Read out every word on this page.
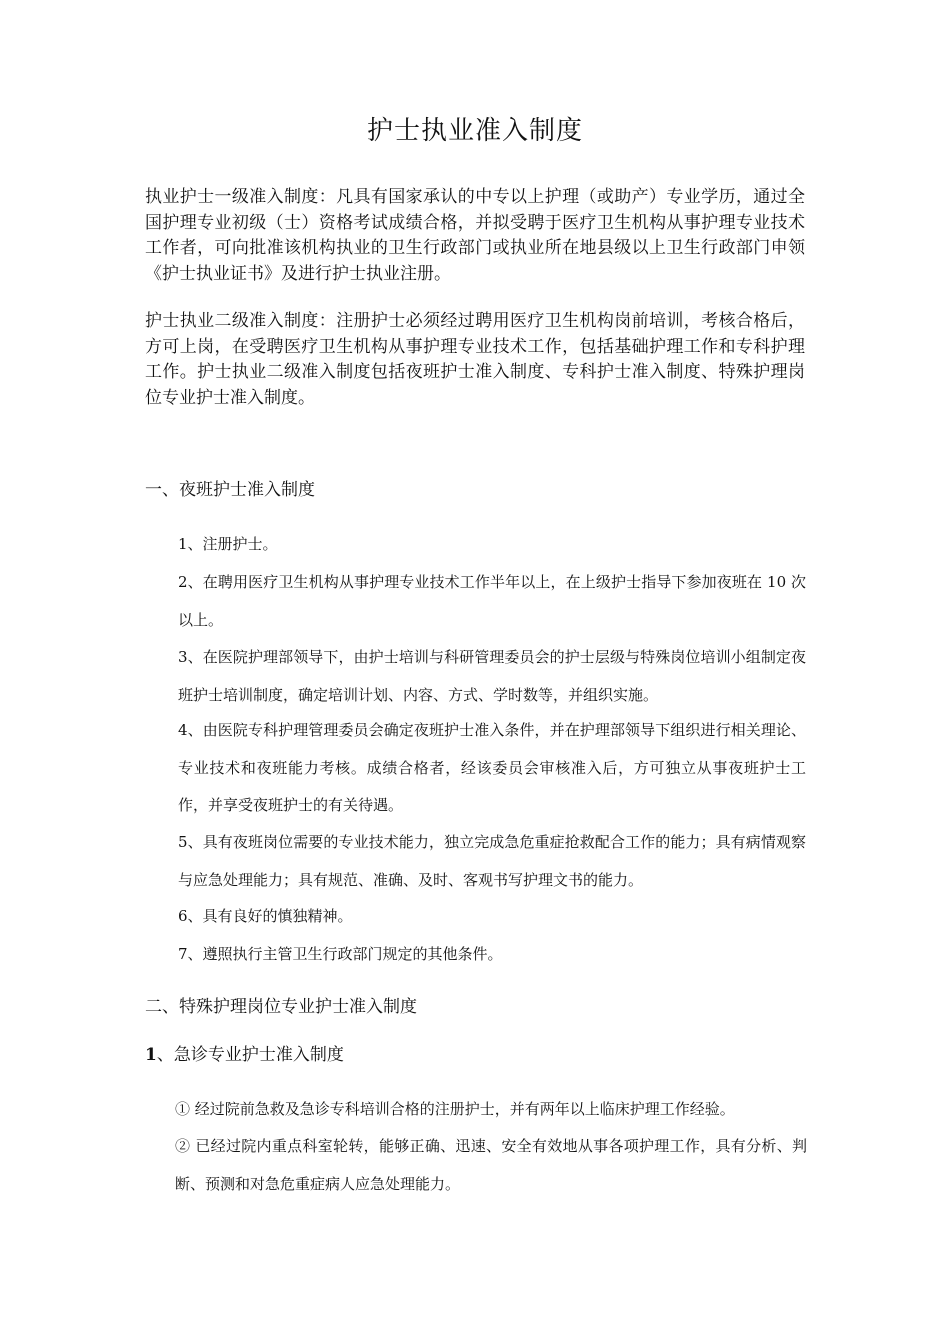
护士执业准入制度

执业护士一级准入制度：凡具有国家承认的中专以上护理（或助产）专业学历，通过全国护理专业初级（士）资格考试成绩合格，并拟受聘于医疗卫生机构从事护理专业技术工作者，可向批准该机构执业的卫生行政部门或执业所在地县级以上卫生行政部门申领《护士执业证书》及进行护士执业注册。

护士执业二级准入制度：注册护士必须经过聘用医疗卫生机构岗前培训，考核合格后，方可上岗，在受聘医疗卫生机构从事护理专业技术工作，包括基础护理工作和专科护理工作。护士执业二级准入制度包括夜班护士准入制度、专科护士准入制度、特殊护理岗位专业护士准入制度。

一、夜班护士准入制度

1、注册护士。

2、在聘用医疗卫生机构从事护理专业技术工作半年以上，在上级护士指导下参加夜班在 10 次以上。

3、在医院护理部领导下，由护士培训与科研管理委员会的护士层级与特殊岗位培训小组制定夜班护士培训制度，确定培训计划、内容、方式、学时数等，并组织实施。

4、由医院专科护理管理委员会确定夜班护士准入条件，并在护理部领导下组织进行相关理论、专业技术和夜班能力考核。成绩合格者，经该委员会审核准入后，方可独立从事夜班护士工作，并享受夜班护士的有关待遇。

5、具有夜班岗位需要的专业技术能力，独立完成急危重症抢救配合工作的能力；具有病情观察与应急处理能力；具有规范、准确、及时、客观书写护理文书的能力。

6、具有良好的慎独精神。

7、遵照执行主管卫生行政部门规定的其他条件。

二、特殊护理岗位专业护士准入制度
1、急诊专业护士准入制度

① 经过院前急救及急诊专科培训合格的注册护士，并有两年以上临床护理工作经验。

② 已经过院内重点科室轮转，能够正确、迅速、安全有效地从事各项护理工作，具有分析、判断、预测和对急危重症病人应急处理能力。
